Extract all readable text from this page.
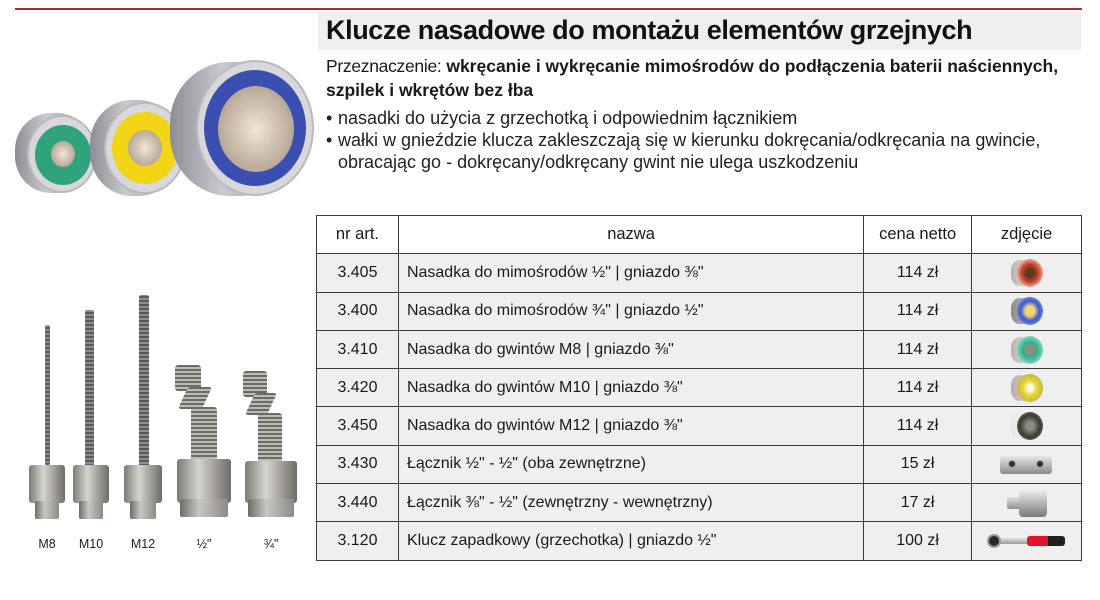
Klucze nasadowe do montażu elementów grzejnych

Przeznaczenie: wkręcanie i wykręcanie mimośrodów do podłączenia baterii naściennych, szpilek i wkrętów bez łba

• nasadki do użycia z grzechotką i odpowiednim łącznikiem
• wałki w gnieździe klucza zakleszczają się w kierunku dokręcania/odkręcania na gwincie, obracając go - dokręcany/odkręcany gwint nie ulega uszkodzeniu
M8	M10	M12	½"	¾"
nr art.	nazwa	cena netto	zdjęcie
3.405	Nasadka do mimośrodów ½" | gniazdo ⅜"	114 zł	

3.400	Nasadka do mimośrodów ¾" | gniazdo ½"	114 zł	

3.410	Nasadka do gwintów M8 | gniazdo ⅜"	114 zł	

3.420	Nasadka do gwintów M10 | gniazdo ⅜"	114 zł	

3.450	Nasadka do gwintów M12 | gniazdo ⅜"	114 zł	

3.430	Łącznik ½" - ½" (oba zewnętrzne)	15 zł	

3.440	Łącznik ⅜" - ½" (zewnętrzny - wewnętrzny)	17 zł	

3.120	Klucz zapadkowy (grzechotka) | gniazdo ½"	100 zł	
